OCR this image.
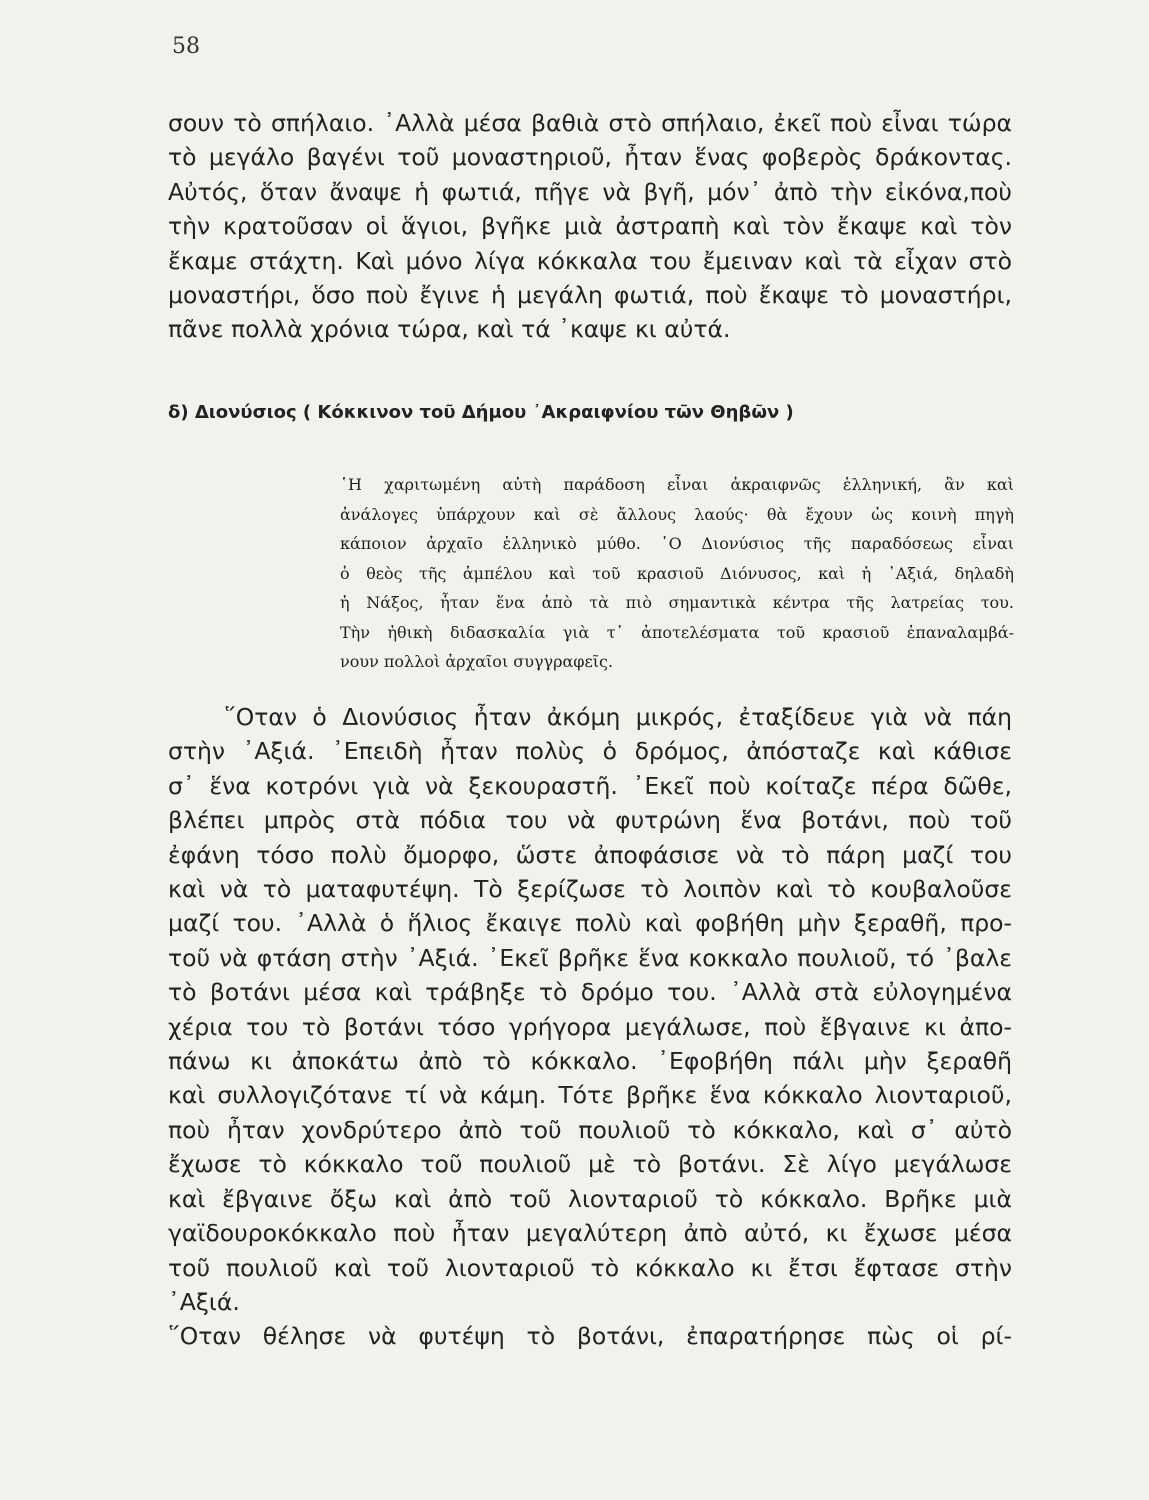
58
σουν τὸ σπήλαιο. ᾿Αλλὰ μέσα βαθιὰ στὸ σπήλαιο, ἐκεῖ ποὺ εἶναι τώρα
τὸ μεγάλο βαγένι τοῦ μοναστηριοῦ, ἦταν ἕνας φοβερὸς δράκοντας.
Αὐτός, ὅταν ἄναψε ἡ φωτιά, πῆγε νὰ βγῆ, μόν᾿ ἀπὸ τὴν εἰκόνα,ποὺ
τὴν κρατοῦσαν οἱ ἅγιοι, βγῆκε μιὰ ἀστραπὴ καὶ τὸν ἔκαψε καὶ τὸν
ἔκαμε στάχτη. Καὶ μόνο λίγα κόκκαλα του ἔμειναν καὶ τὰ εἶχαν στὸ
μοναστήρι, ὅσο ποὺ ἔγινε ἡ μεγάλη φωτιά, ποὺ ἔκαψε τὸ μοναστήρι,
πᾶνε πολλὰ χρόνια τώρα, καὶ τά ᾿καψε κι αὐτά.
δ) Διονύσιος ( Κόκκινον τοῦ Δήμου ᾿Ακραιφνίου τῶν Θηβῶν )
῾Η χαριτωμένη αὐτὴ παράδοση εἶναι ἀκραιφνῶς ἑλληνική, ἂν καὶ
ἀνάλογες ὑπάρχουν καὶ σὲ ἄλλους λαούς· θὰ ἔχουν ὡς κοινὴ πηγὴ
κάποιον ἀρχαῖο ἑλληνικὸ μύθο. ῾Ο Διονύσιος τῆς παραδόσεως εἶναι
ὁ θεὸς τῆς ἀμπέλου καὶ τοῦ κρασιοῦ Διόνυσος, καὶ ἡ ᾿Αξιά, δηλαδὴ
ἡ Νάξος, ἦταν ἕνα ἀπὸ τὰ πιὸ σημαντικὰ κέντρα τῆς λατρείας του.
Τὴν ἠθικὴ διδασκαλία γιὰ τ᾿ ἀποτελέσματα τοῦ κρασιοῦ ἐπαναλαμβά-
νουν πολλοὶ ἀρχαῖοι συγγραφεῖς.
῞Οταν ὁ Διονύσιος ἦταν ἀκόμη μικρός, ἐταξίδευε γιὰ νὰ πάη
στὴν ᾿Αξιά. ᾿Επειδὴ ἦταν πολὺς ὁ δρόμος, ἀπόσταζε καὶ κάθισε
σ᾿ ἕνα κοτρόνι γιὰ νὰ ξεκουραστῆ. ᾿Εκεῖ ποὺ κοίταζε πέρα δῶθε,
βλέπει μπρὸς στὰ πόδια του νὰ φυτρώνη ἕνα βοτάνι, ποὺ τοῦ
ἐφάνη τόσο πολὺ ὄμορφο, ὥστε ἀποφάσισε νὰ τὸ πάρη μαζί του
καὶ νὰ τὸ ματαφυτέψη. Τὸ ξερίζωσε τὸ λοιπὸν καὶ τὸ κουβαλοῦσε
μαζί του. ᾿Αλλὰ ὁ ἥλιος ἔκαιγε πολὺ καὶ φοβήθη μὴν ξεραθῆ, προ-
τοῦ νὰ φτάση στὴν ᾿Αξιά. ᾿Εκεῖ βρῆκε ἕνα κοκκαλο πουλιοῦ, τό ᾿βαλε
τὸ βοτάνι μέσα καὶ τράβηξε τὸ δρόμο του. ᾿Αλλὰ στὰ εὐλογημένα
χέρια του τὸ βοτάνι τόσο γρήγορα μεγάλωσε, ποὺ ἔβγαινε κι ἀπο-
πάνω κι ἀποκάτω ἀπὸ τὸ κόκκαλο. ᾿Εφοβήθη πάλι μὴν ξεραθῆ
καὶ συλλογιζότανε τί νὰ κάμη. Τότε βρῆκε ἕνα κόκκαλο λιονταριοῦ,
ποὺ ἦταν χονδρύτερο ἀπὸ τοῦ πουλιοῦ τὸ κόκκαλο, καὶ σ᾿ αὐτὸ
ἔχωσε τὸ κόκκαλο τοῦ πουλιοῦ μὲ τὸ βοτάνι. Σὲ λίγο μεγάλωσε
καὶ ἔβγαινε ὄξω καὶ ἀπὸ τοῦ λιονταριοῦ τὸ κόκκαλο. Βρῆκε μιὰ
γαϊδουροκόκκαλο ποὺ ἦταν μεγαλύτερη ἀπὸ αὐτό, κι ἔχωσε μέσα
τοῦ πουλιοῦ καὶ τοῦ λιονταριοῦ τὸ κόκκαλο κι ἔτσι ἔφτασε στὴν
᾿Αξιά.
῞Οταν θέλησε νὰ φυτέψη τὸ βοτάνι, ἐπαρατήρησε πὼς οἱ ρί-
